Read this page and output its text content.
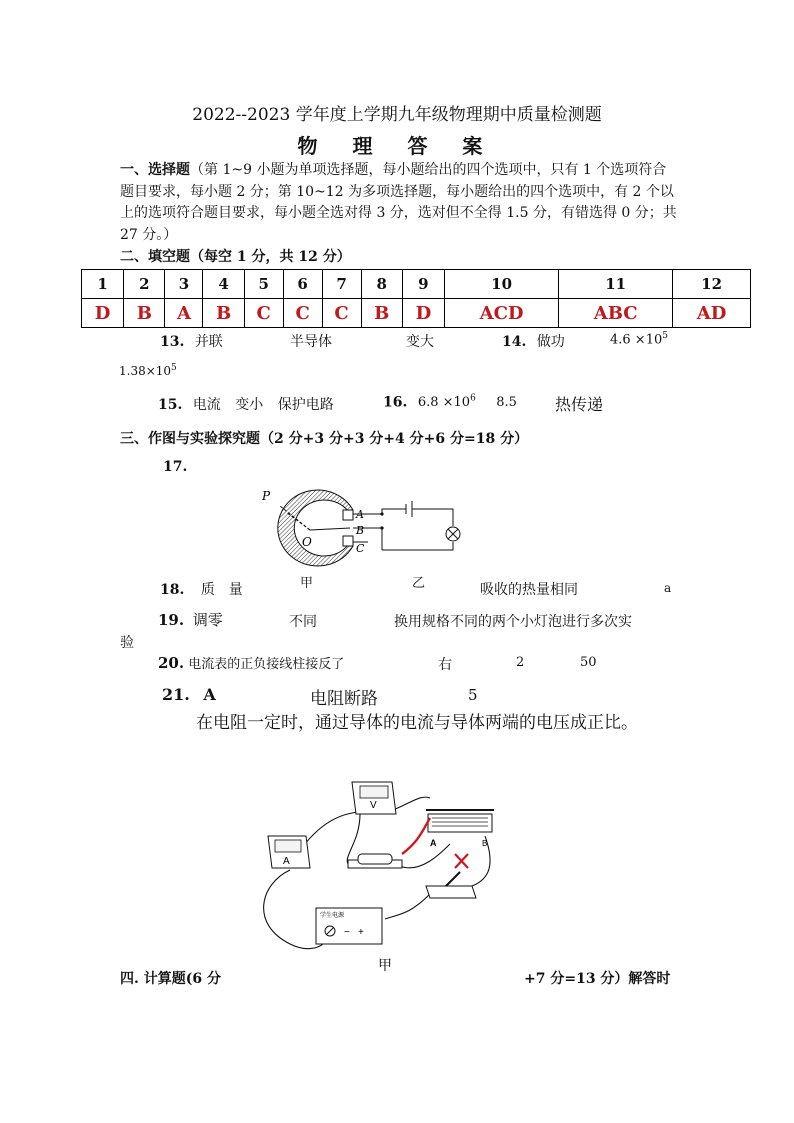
2022--2023 学年度上学期九年级物理期中质量检测题
物 理 答 案
一、选择题（第 1~9 小题为单项选择题，每小题给出的四个选项中，只有 1 个选项符合题目要求，每小题 2 分；第 10~12 为多项选择题，每小题给出的四个选项中，有 2 个以上的选项符合题目要求，每小题全选对得 3 分，选对但不全得 1.5 分，有错选得 0 分；共 27 分。）
二、填空题（每空 1 分，共 12 分）
1	2	3	4	5	6	7	8	9	10	11	12
D	B	A	B	C	C	C	B	D	ACD	ABC	AD
13. 并联	半导体	变大	14. 做功	$4.6 \times 10^5$
$1.38\times 10^5$
15. 电流 变小 保护电路	16. $6.8 \times 10^6$ 8.5 热传递
三、作图与实验探究题（2 分+3 分+3 分+4 分+6 分=18 分）
17.
P
O
A
B
C
18. 质　量	甲	乙	吸收的热量相同	a
19. 调零	不同	换用规格不同的两个小灯泡进行多次实
验
20. 电流表的正负接线柱接反了	右	2	50
21. A	电阻断路	5
在电阻一定时，通过导体的电流与导体两端的电压成正比。
V
A
A	B
学生电源
− +
甲
四. 计算题(6 分	+7 分=13 分）解答时
